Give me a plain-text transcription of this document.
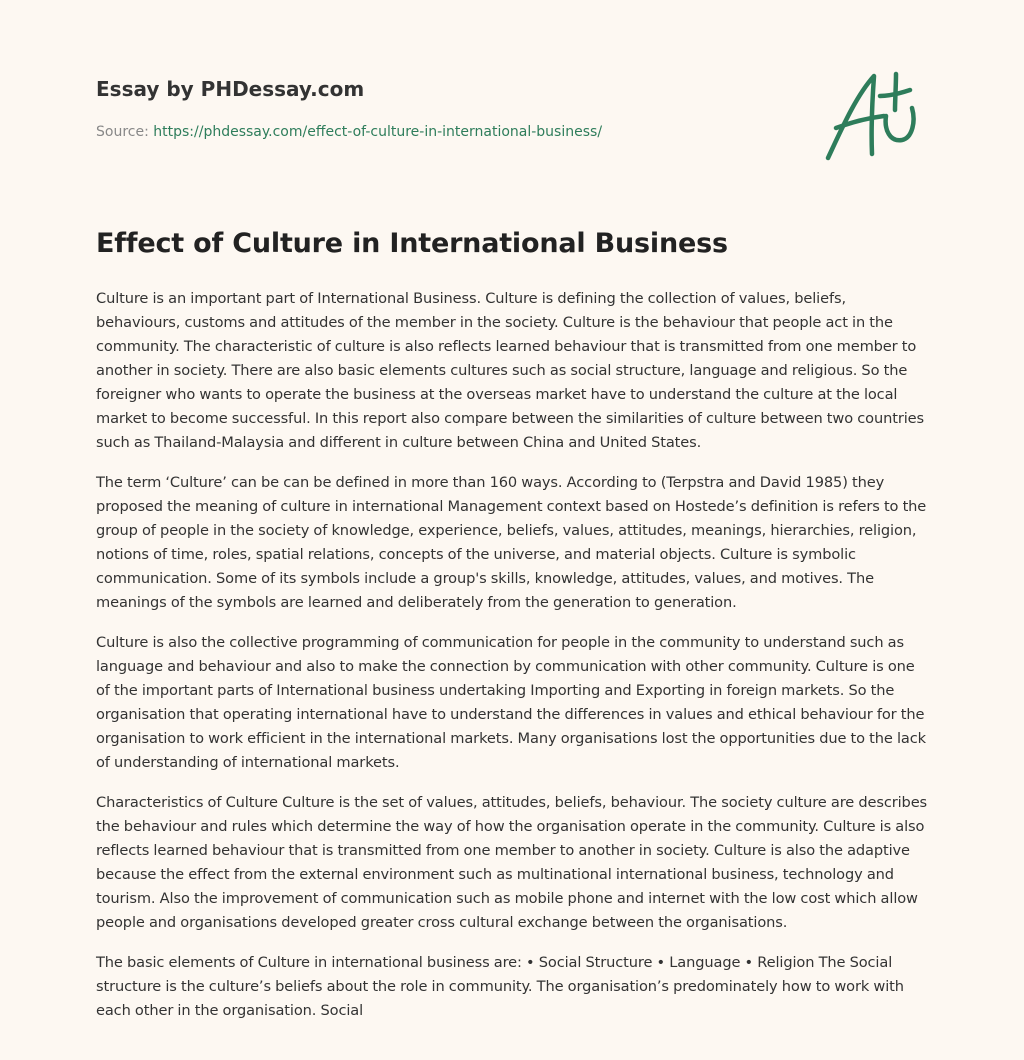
Essay by PHDessay.com
Source: https://phdessay.com/effect-of-culture-in-international-business/
Effect of Culture in International Business

Culture is an important part of International Business. Culture is defining the collection of values, beliefs, behaviours, customs and attitudes of the member in the society. Culture is the behaviour that people act in the community. The characteristic of culture is also reflects learned behaviour that is transmitted from one member to another in society. There are also basic elements cultures such as social structure, language and religious. So the foreigner who wants to operate the business at the overseas market have to understand the culture at the local market to become successful. In this report also compare between the similarities of culture between two countries such as Thailand-Malaysia and different in culture between China and United States.

The term ‘Culture’ can be can be defined in more than 160 ways. According to (Terpstra and David 1985) they proposed the meaning of culture in international Management context based on Hostede’s definition is refers to the group of people in the society of knowledge, experience, beliefs, values, attitudes, meanings, hierarchies, religion, notions of time, roles, spatial relations, concepts of the universe, and material objects. Culture is symbolic communication. Some of its symbols include a group's skills, knowledge, attitudes, values, and motives. The meanings of the symbols are learned and deliberately from the generation to generation.

Culture is also the collective programming of communication for people in the community to understand such as language and behaviour and also to make the connection by communication with other community. Culture is one of the important parts of International business undertaking Importing and Exporting in foreign markets. So the organisation that operating international have to understand the differences in values and ethical behaviour for the organisation to work efficient in the international markets. Many organisations lost the opportunities due to the lack of understanding of international markets.

Characteristics of Culture Culture is the set of values, attitudes, beliefs, behaviour. The society culture are describes the behaviour and rules which determine the way of how the organisation operate in the community. Culture is also reflects learned behaviour that is transmitted from one member to another in society. Culture is also the adaptive because the effect from the external environment such as multinational international business, technology and tourism. Also the improvement of communication such as mobile phone and internet with the low cost which allow people and organisations developed greater cross cultural exchange between the organisations.

The basic elements of Culture in international business are: • Social Structure • Language • Religion The Social structure is the culture’s beliefs about the role in community. The organisation’s predominately how to work with each other in the organisation. Social
